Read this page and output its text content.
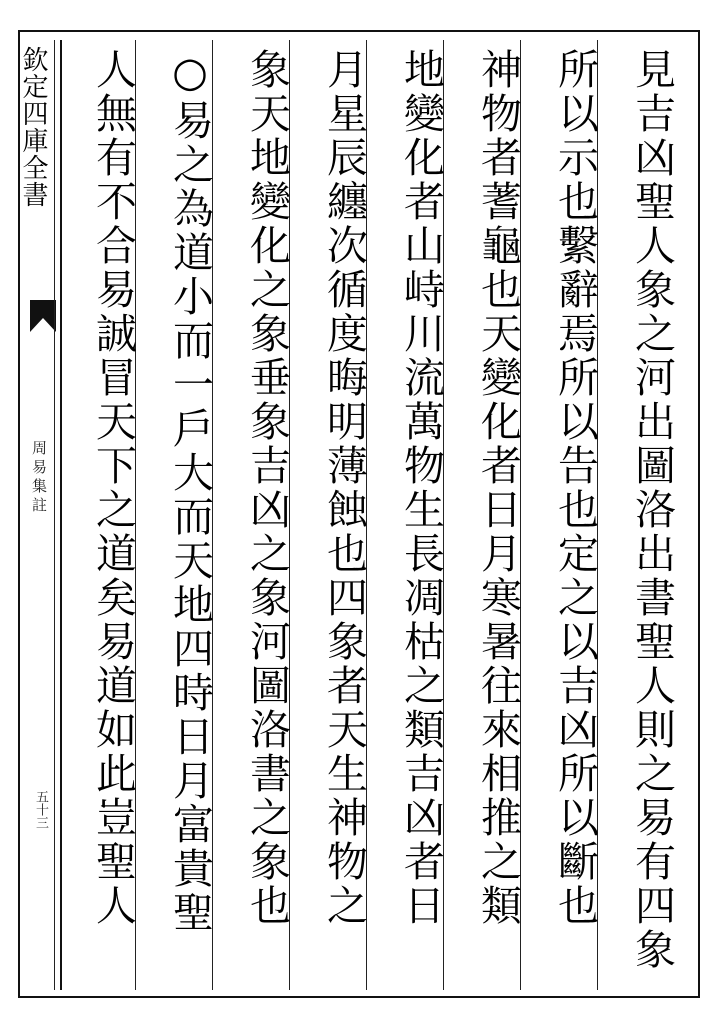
欽定四庫全書
周易集註
五十三	見吉凶聖人象之河出圖洛出書聖人則之易有四象
所以示也繫辭焉所以告也定之以吉凶所以斷也
神物者蓍龜也天變化者日月寒暑往來相推之類
地變化者山峙川流萬物生長凋枯之類吉凶者日
月星辰纏次循度晦明薄蝕也四象者天生神物之
象天地變化之象垂象吉凶之象河圖洛書之象也
○易之為道小而一戶大而天地四時日月富貴聖
人無有不合易誠冒天下之道矣易道如此豈聖人
